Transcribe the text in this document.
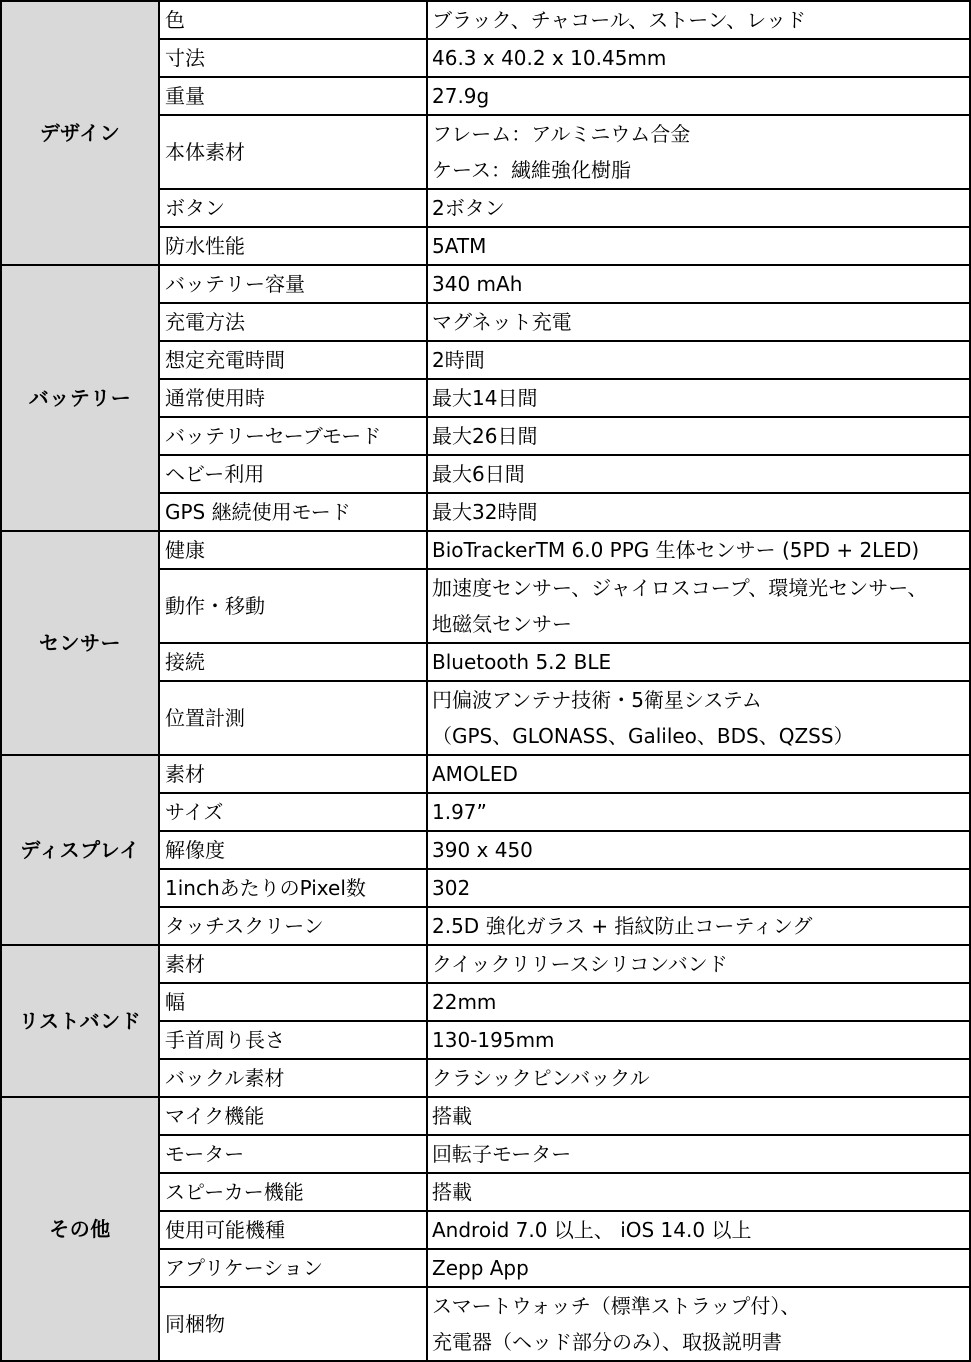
デザイン	色	ブラック、チャコール、ストーン、レッド

	寸法	46.3 x 40.2 x 10.45mm

	重量	27.9g

	本体素材	フレーム：アルミニウム合金
ケース：繊維強化樹脂

	ボタン	2ボタン

	防水性能	5ATM

バッテリー	バッテリー容量	340 mAh

	充電方法	マグネット充電

	想定充電時間	2時間

	通常使用時	最大14日間

	バッテリーセーブモード	最大26日間

	ヘビー利用	最大6日間

	GPS 継続使用モード	最大32時間

センサー	健康	BioTrackerTM 6.0 PPG 生体センサー (5PD + 2LED)

	動作・移動	加速度センサー、ジャイロスコープ、環境光センサー、
地磁気センサー

	接続	Bluetooth 5.2 BLE

	位置計測	円偏波アンテナ技術・5衛星システム
（GPS、GLONASS、Galileo、BDS、QZSS）

ディスプレイ	素材	AMOLED

	サイズ	1.97”

	解像度	390 x 450

	1inchあたりのPixel数	302

	タッチスクリーン	2.5D 強化ガラス + 指紋防止コーティング

リストバンド	素材	クイックリリースシリコンバンド

	幅	22mm

	手首周り長さ	130-195mm

	バックル素材	クラシックピンバックル

その他	マイク機能	搭載

	モーター	回転子モーター

	スピーカー機能	搭載

	使用可能機種	Android 7.0 以上、 iOS 14.0 以上

	アプリケーション	Zepp App

	同梱物	スマートウォッチ（標準ストラップ付）、
充電器（ヘッド部分のみ）、取扱説明書
